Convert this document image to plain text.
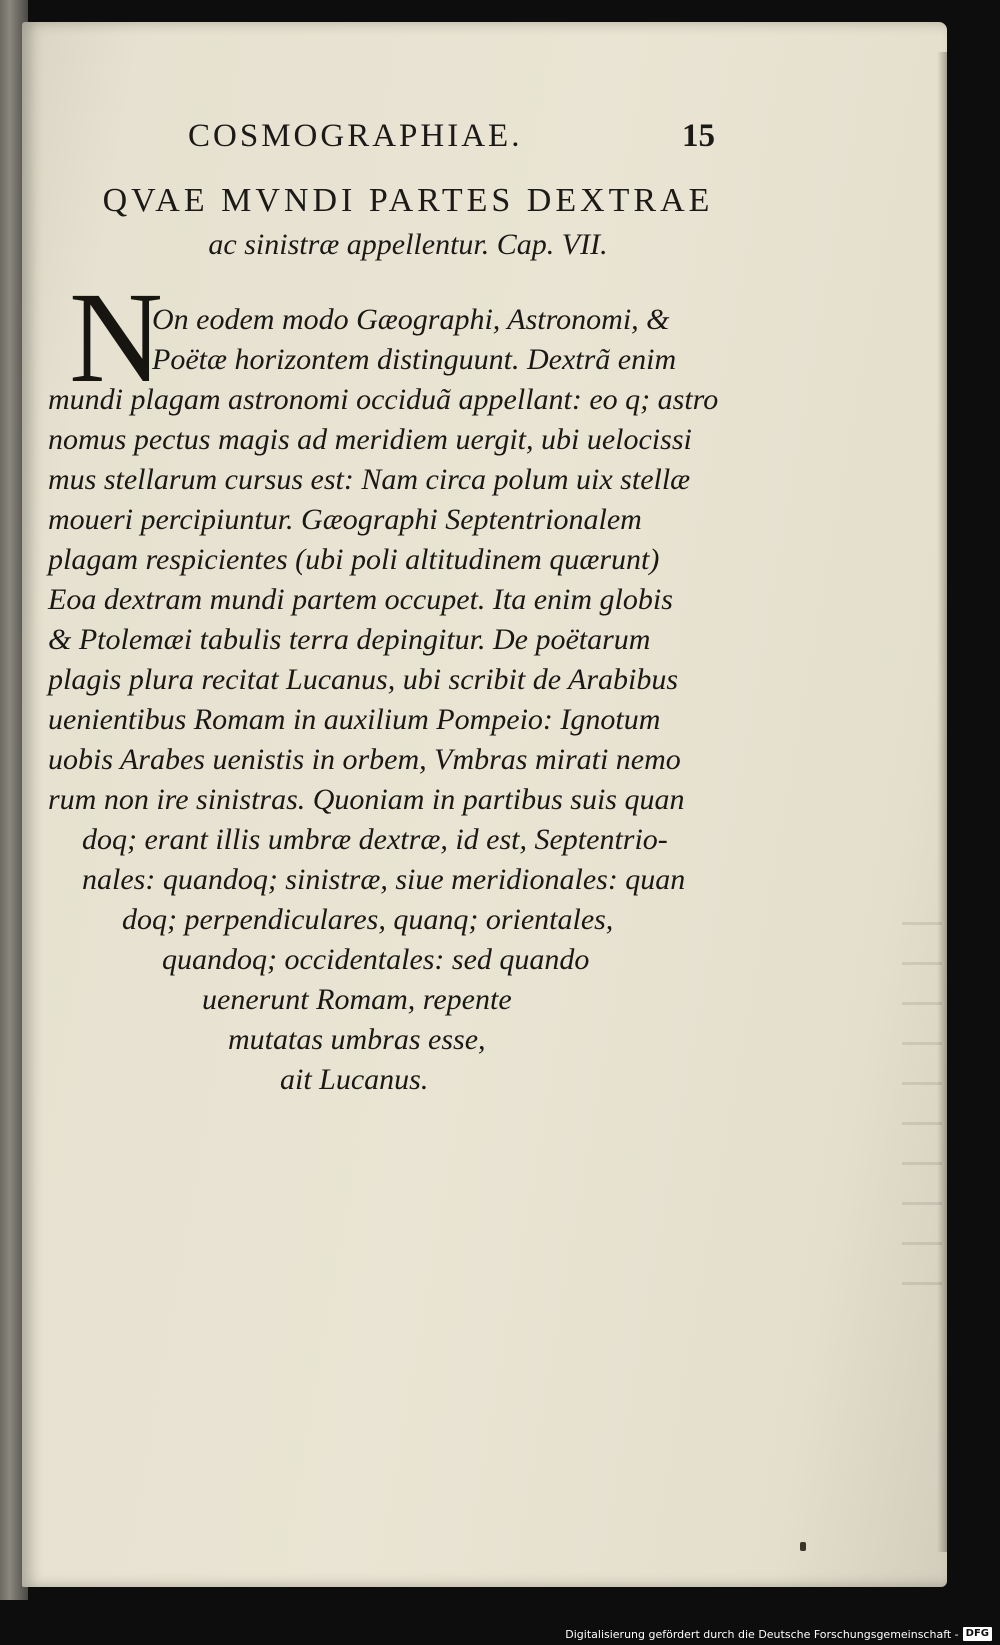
COSMOGRAPHIAE.	15
QVAE MVNDI PARTES DEXTRAE
ac sinistræ appellentur. Cap. VII.
N
On eodem modo Gæographi, Astronomi, &
Poëtæ horizontem distinguunt. Dextrã enim
mundi plagam astronomi occiduã appellant: eo q; astro
nomus pectus magis ad meridiem uergit, ubi uelocissi
mus stellarum cursus est: Nam circa polum uix stellæ
moueri percipiuntur. Gæographi Septentrionalem
plagam respicientes (ubi poli altitudinem quærunt)
Eoa dextram mundi partem occupet. Ita enim globis
& Ptolemæi tabulis terra depingitur. De poëtarum
plagis plura recitat Lucanus, ubi scribit de Arabibus
uenientibus Romam in auxilium Pompeio: Ignotum
uobis Arabes uenistis in orbem, Vmbras mirati nemo
rum non ire sinistras. Quoniam in partibus suis quan
doq; erant illis umbræ dextræ, id est, Septentrio-
nales: quandoq; sinistræ, siue meridionales: quan
doq; perpendiculares, quanq; orientales,
quandoq; occidentales: sed quando
uenerunt Romam, repente
mutatas umbras esse,
ait Lucanus.
Digitalisierung gefördert durch die Deutsche Forschungsgemeinschaft - DFG
